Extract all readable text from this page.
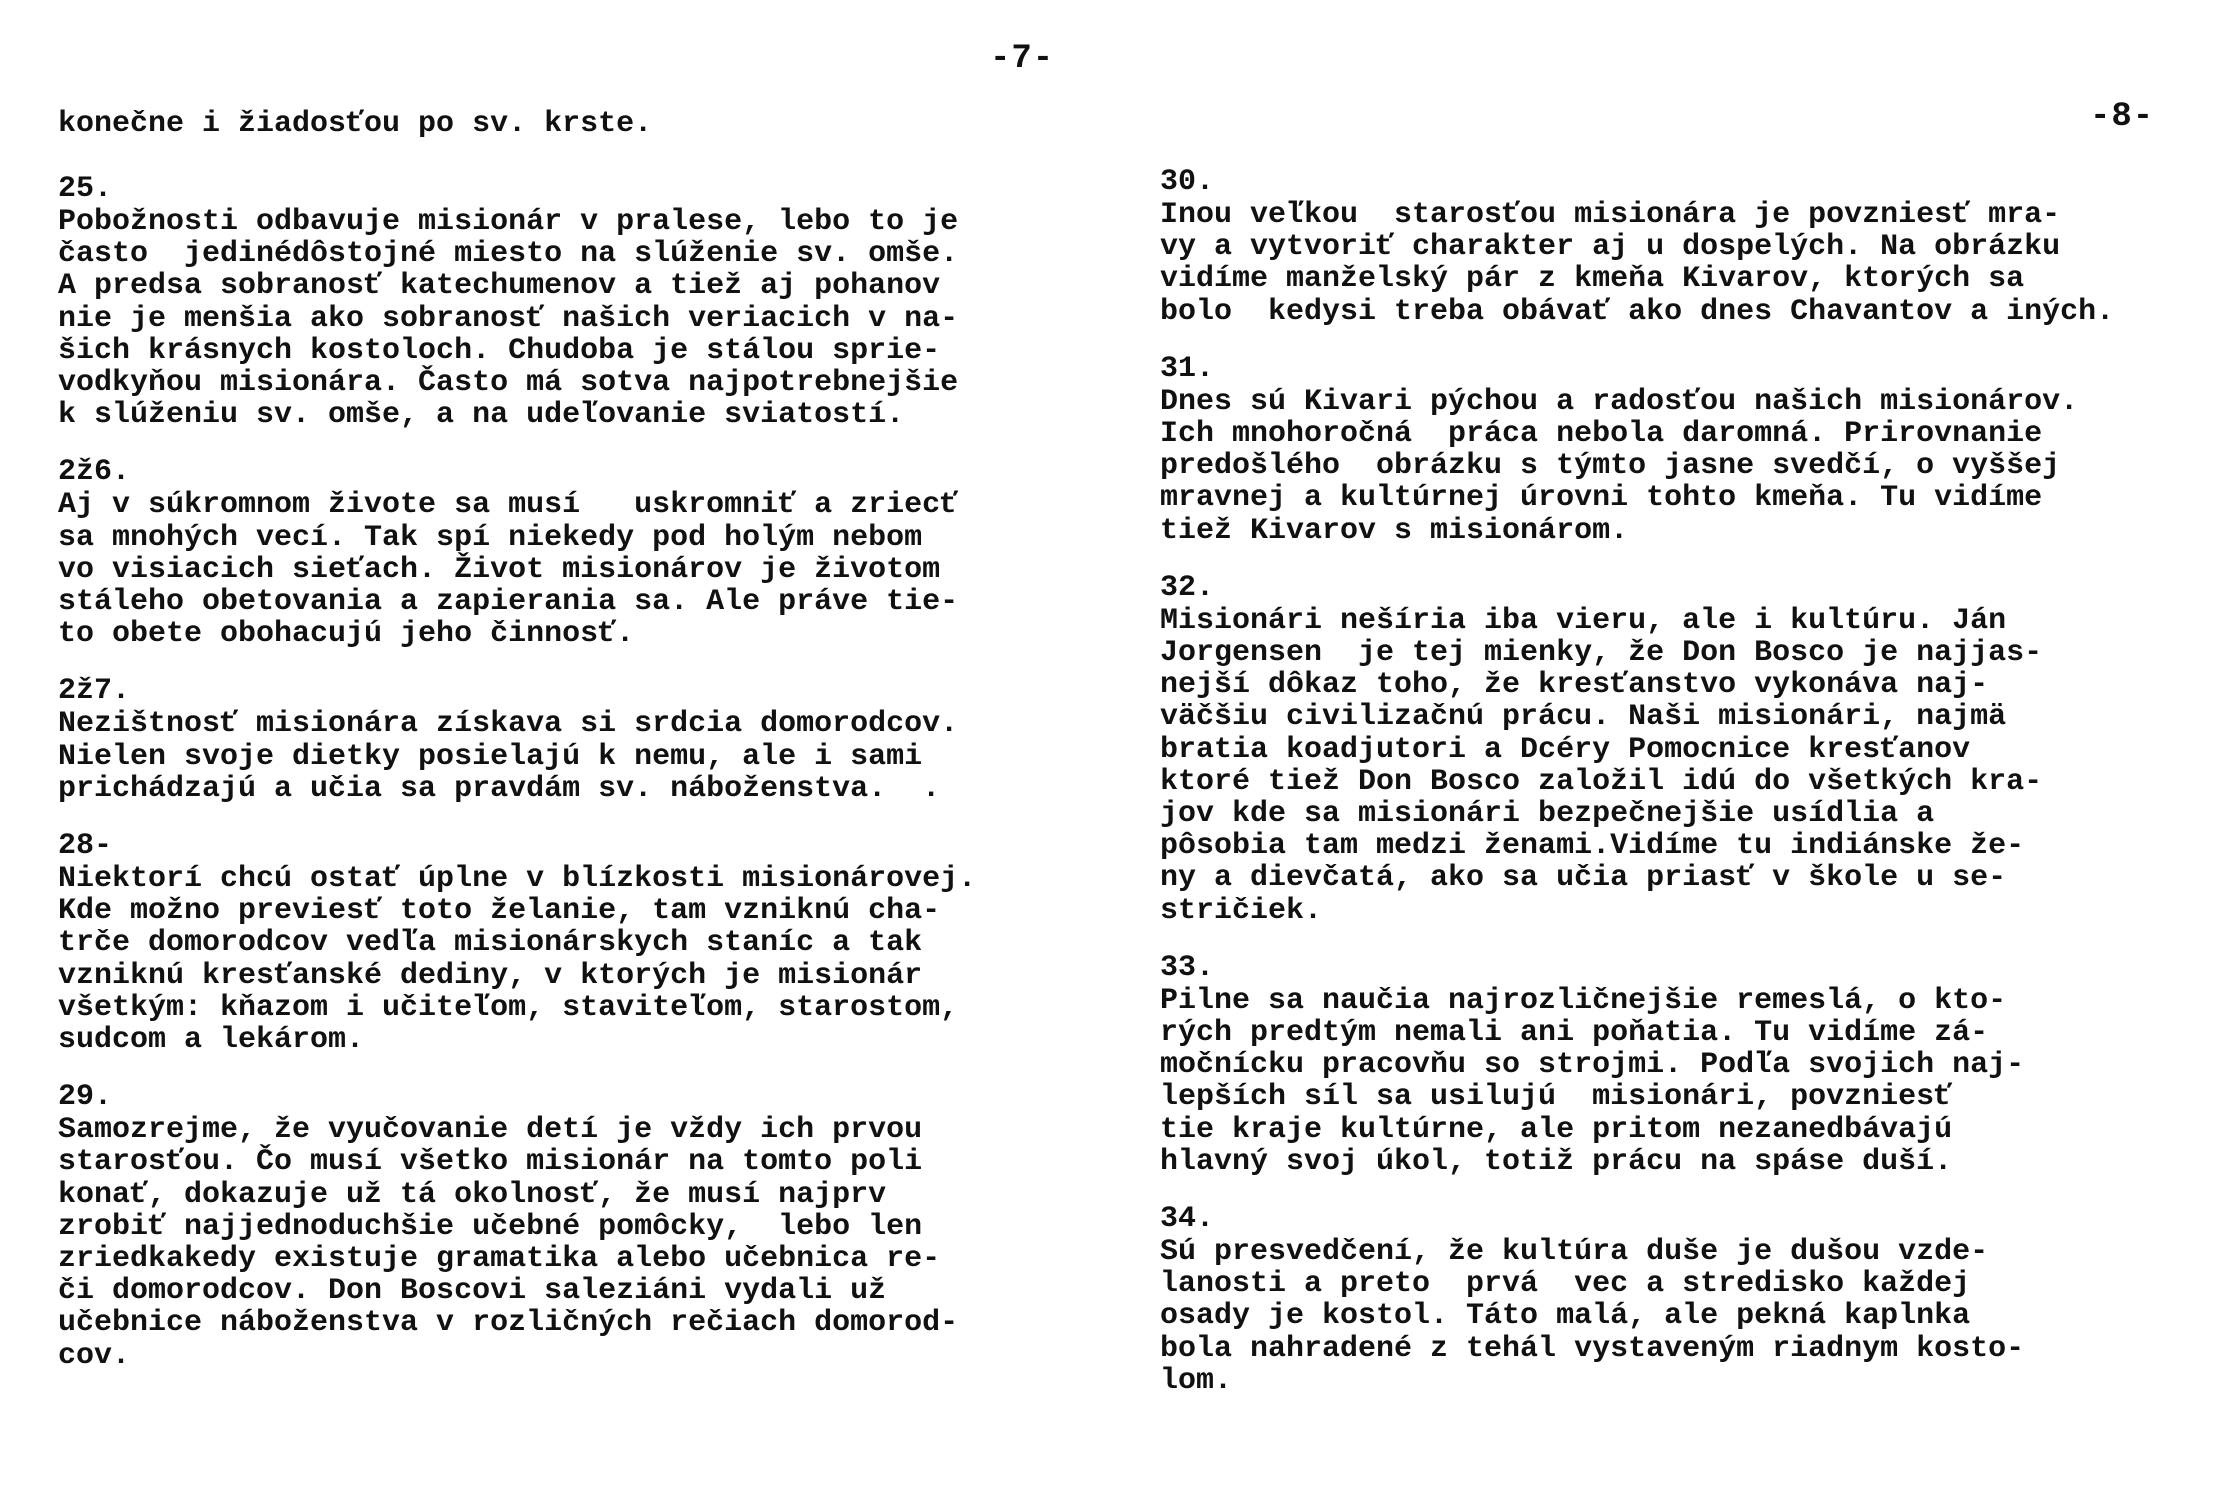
-7-
konečne i žiadosťou po sv. krste.
25.
Pobožnosti odbavuje misionár v pralese, lebo to je
často  jedinédôstojné miesto na slúženie sv. omše.
A predsa sobranosť katechumenov a tiež aj pohanov
nie je menšia ako sobranosť našich veriacich v na-
šich krásnych kostoloch. Chudoba je stálou sprie-
vodkyňou misionára. Často má sotva najpotrebnejšie
k slúženiu sv. omše, a na udeľovanie sviatostí.
2ž6.
Aj v súkromnom živote sa musí   uskromniť a zriecť
sa mnohých vecí. Tak spí niekedy pod holým nebom
vo visiacich sieťach. Život misionárov je životom
stáleho obetovania a zapierania sa. Ale práve tie-
to obete obohacujú jeho činnosť.
2ž7.
Nezištnosť misionára získava si srdcia domorodcov.
Nielen svoje dietky posielajú k nemu, ale i sami
prichádzajú a učia sa pravdám sv. náboženstva.  .
28-
Niektorí chcú ostať úplne v blízkosti misionárovej.
Kde možno previesť toto želanie, tam vzniknú cha-
trče domorodcov vedľa misionárskych staníc a tak
vzniknú kresťanské dediny, v ktorých je misionár
všetkým: kňazom i učiteľom, staviteľom, starostom,
sudcom a lekárom.
29.
Samozrejme, že vyučovanie detí je vždy ich prvou
starosťou. Čo musí všetko misionár na tomto poli
konať, dokazuje už tá okolnosť, že musí najprv
zrobiť najjednoduchšie učebné pomôcky,  lebo len
zriedkakedy existuje gramatika alebo učebnica re-
či domorodcov. Don Boscovi saleziáni vydali už
učebnice náboženstva v rozličných rečiach domorod-
cov.
-8-
30.
Inou veľkou  starosťou misionára je povzniesť mra-
vy a vytvoriť charakter aj u dospelých. Na obrázku
vidíme manželský pár z kmeňa Kivarov, ktorých sa
bolo  kedysi treba obávať ako dnes Chavantov a iných.
31.
Dnes sú Kivari pýchou a radosťou našich misionárov.
Ich mnohoročná  práca nebola daromná. Prirovnanie
predošlého  obrázku s týmto jasne svedčí, o vyššej
mravnej a kultúrnej úrovni tohto kmeňa. Tu vidíme
tiež Kivarov s misionárom.
32.
Misionári nešíria iba vieru, ale i kultúru. Ján
Jorgensen  je tej mienky, že Don Bosco je najjas-
nejší dôkaz toho, že kresťanstvo vykonáva naj-
väčšiu civilizačnú prácu. Naši misionári, najmä
bratia koadjutori a Dcéry Pomocnice kresťanov
ktoré tiež Don Bosco založil idú do všetkých kra-
jov kde sa misionári bezpečnejšie usídlia a
pôsobia tam medzi ženami.Vidíme tu indiánske že-
ny a dievčatá, ako sa učia priasť v škole u se-
stričiek.
33.
Pilne sa naučia najrozličnejšie remeslá, o kto-
rých predtým nemali ani poňatia. Tu vidíme zá-
močnícku pracovňu so strojmi. Podľa svojich naj-
lepších síl sa usilujú  misionári, povzniesť
tie kraje kultúrne, ale pritom nezanedbávajú
hlavný svoj úkol, totiž prácu na spáse duší.
34.
Sú presvedčení, že kultúra duše je dušou vzde-
lanosti a preto  prvá  vec a stredisko každej
osady je kostol. Táto malá, ale pekná kaplnka
bola nahradené z tehál vystaveným riadnym kosto-
lom.
